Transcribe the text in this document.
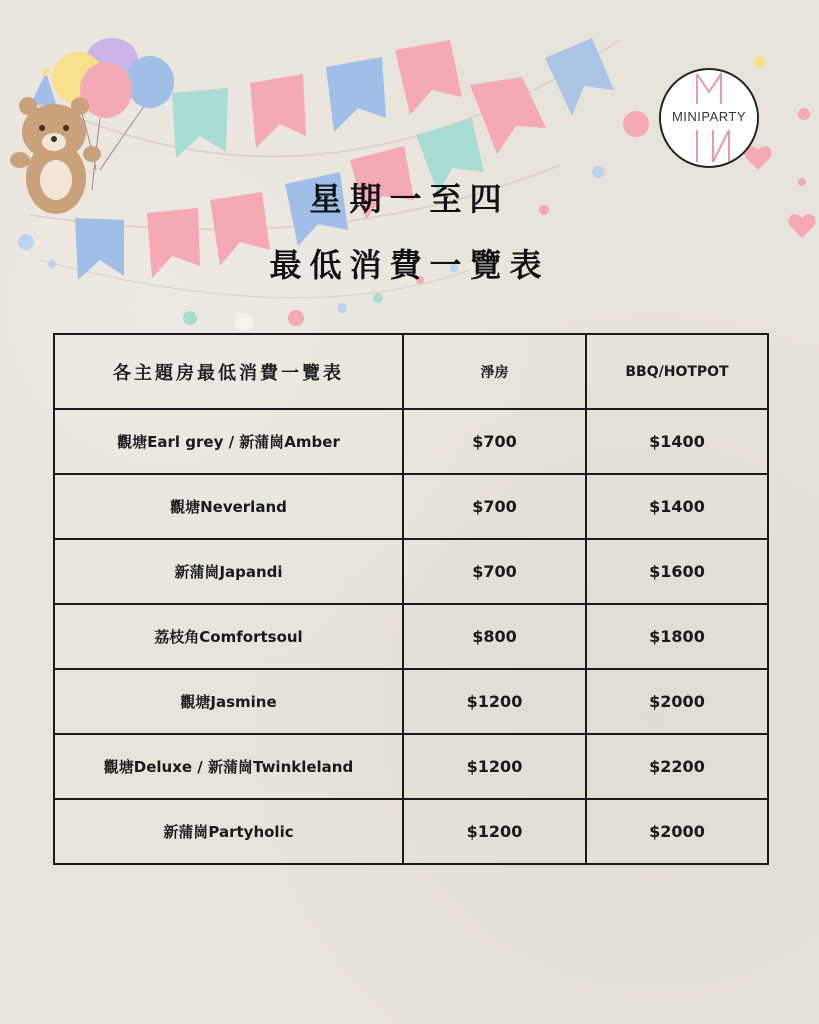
MINIPARTY
星期一至四
最低消費一覽表
各主題房最低消費一覽表	淨房	BBQ/HOTPOT
觀塘Earl grey / 新蒲崗Amber	$700	$1400
觀塘Neverland	$700	$1400
新蒲崗Japandi	$700	$1600
荔枝角Comfortsoul	$800	$1800
觀塘Jasmine	$1200	$2000
觀塘Deluxe / 新蒲崗Twinkleland	$1200	$2200
新蒲崗Partyholic	$1200	$2000
